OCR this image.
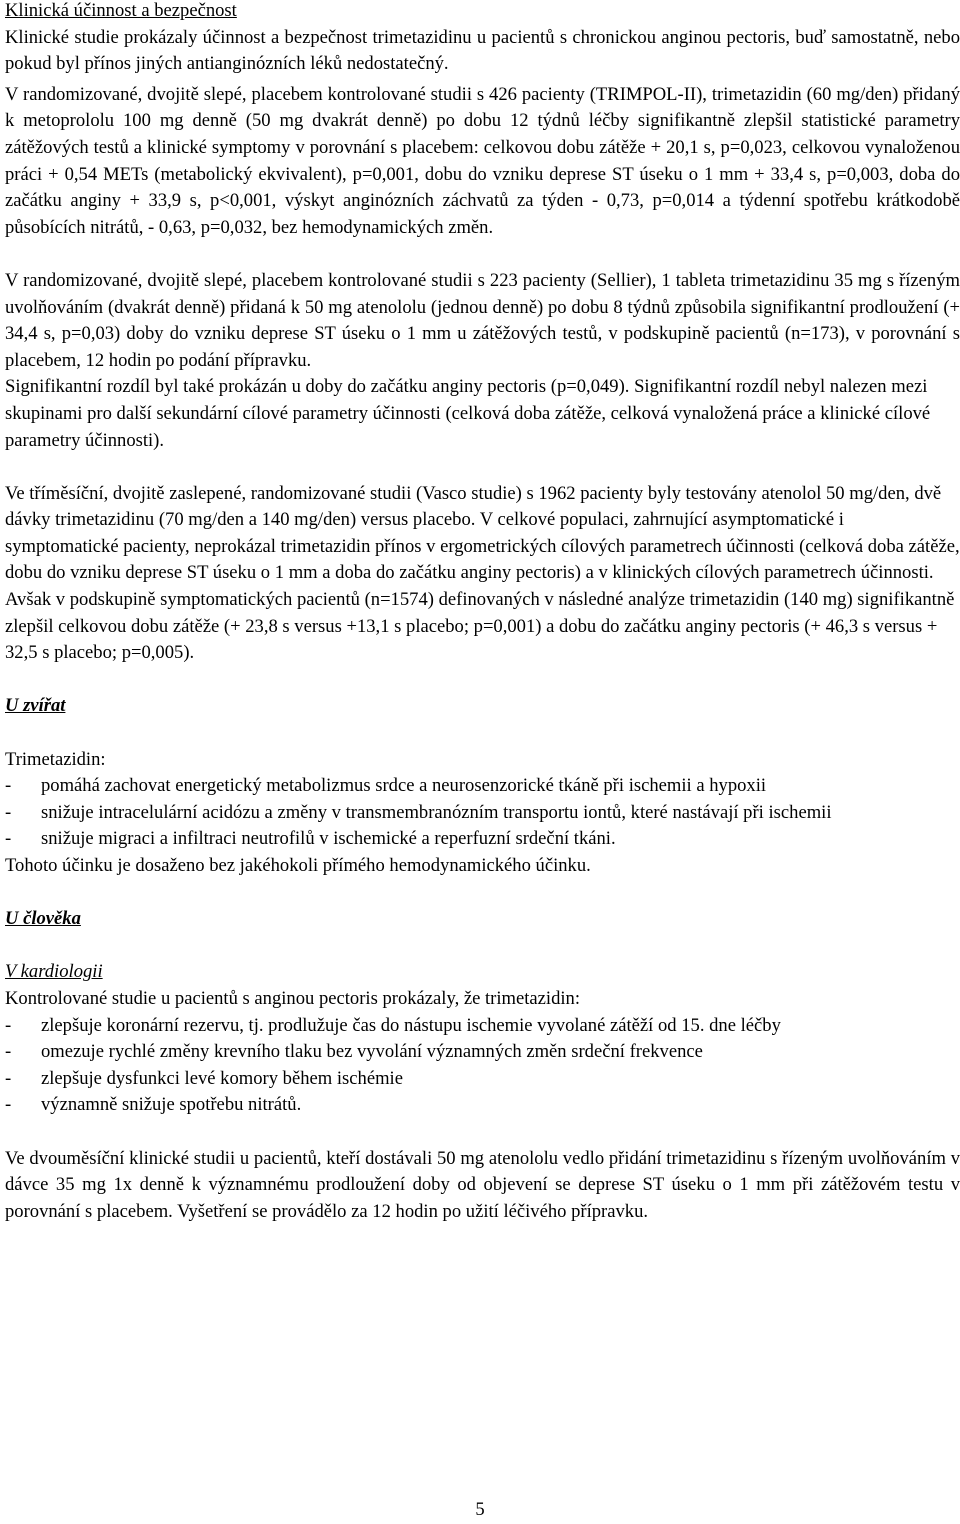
Klinická účinnost a bezpečnost

Klinické studie prokázaly účinnost a bezpečnost trimetazidinu u pacientů s chronickou anginou pectoris, buď samostatně, nebo pokud byl přínos jiných antianginózních léků nedostatečný.

V randomizované, dvojitě slepé, placebem kontrolované studii s 426 pacienty (TRIMPOL-II), trimetazidin (60 mg/den) přidaný k metoprololu 100 mg denně (50 mg dvakrát denně) po dobu 12 týdnů léčby signifikantně zlepšil statistické parametry zátěžových testů a klinické symptomy v porovnání s placebem: celkovou dobu zátěže + 20,1 s, p=0,023, celkovou vynaloženou práci + 0,54 METs (metabolický ekvivalent), p=0,001, dobu do vzniku deprese ST úseku o 1 mm + 33,4 s, p=0,003, doba do začátku anginy + 33,9 s, p<0,001, výskyt anginózních záchvatů za týden - 0,73, p=0,014 a týdenní spotřebu krátkodobě působících nitrátů, - 0,63, p=0,032, bez hemodynamických změn.

V randomizované, dvojitě slepé, placebem kontrolované studii s 223 pacienty (Sellier), 1 tableta trimetazidinu 35 mg s řízeným uvolňováním (dvakrát denně) přidaná k 50 mg atenololu (jednou denně) po dobu 8 týdnů způsobila signifikantní prodloužení (+ 34,4 s, p=0,03) doby do vzniku deprese ST úseku o 1 mm u zátěžových testů, v podskupině pacientů (n=173), v porovnání s placebem, 12 hodin po podání přípravku.

Signifikantní rozdíl byl také prokázán u doby do začátku anginy pectoris (p=0,049). Signifikantní rozdíl nebyl nalezen mezi skupinami pro další sekundární cílové parametry účinnosti (celková doba zátěže, celková vynaložená práce a klinické cílové parametry účinnosti).

Ve tříměsíční, dvojitě zaslepené, randomizované studii (Vasco studie) s 1962 pacienty byly testovány atenolol 50 mg/den, dvě dávky trimetazidinu (70 mg/den a 140 mg/den) versus placebo. V celkové populaci, zahrnující asymptomatické i symptomatické pacienty, neprokázal trimetazidin přínos v ergometrických cílových parametrech účinnosti (celková doba zátěže, dobu do vzniku deprese ST úseku o 1 mm a doba do začátku anginy pectoris) a v klinických cílových parametrech účinnosti. Avšak v podskupině symptomatických pacientů (n=1574) definovaných v následné analýze trimetazidin (140 mg) signifikantně zlepšil celkovou dobu zátěže (+ 23,8 s versus +13,1 s placebo; p=0,001) a dobu do začátku anginy pectoris (+ 46,3 s versus + 32,5 s placebo; p=0,005).

U zvířat

Trimetazidin:

-	pomáhá zachovat energetický metabolizmus srdce a neurosenzorické tkáně při ischemii a hypoxii
-	snižuje intracelulární acidózu a změny v transmembranózním transportu iontů, které nastávají při ischemii
-	snižuje migraci a infiltraci neutrofilů v ischemické a reperfuzní srdeční tkáni.

Tohoto účinku je dosaženo bez jakéhokoli přímého hemodynamického účinku.

U člověka

V kardiologii

Kontrolované studie u pacientů s anginou pectoris prokázaly, že trimetazidin:

-	zlepšuje koronární rezervu, tj. prodlužuje čas do nástupu ischemie vyvolané zátěží od 15. dne léčby
-	omezuje rychlé změny krevního tlaku bez vyvolání významných změn srdeční frekvence
-	zlepšuje dysfunkci levé komory během ischémie
-	významně snižuje spotřebu nitrátů.

Ve dvouměsíční klinické studii u pacientů, kteří dostávali 50 mg atenololu vedlo přidání trimetazidinu s řízeným uvolňováním v dávce 35 mg 1x denně k významnému prodloužení doby od objevení se deprese ST úseku o 1 mm při zátěžovém testu v porovnání s placebem. Vyšetření se provádělo za 12 hodin po užití léčivého přípravku.

5
